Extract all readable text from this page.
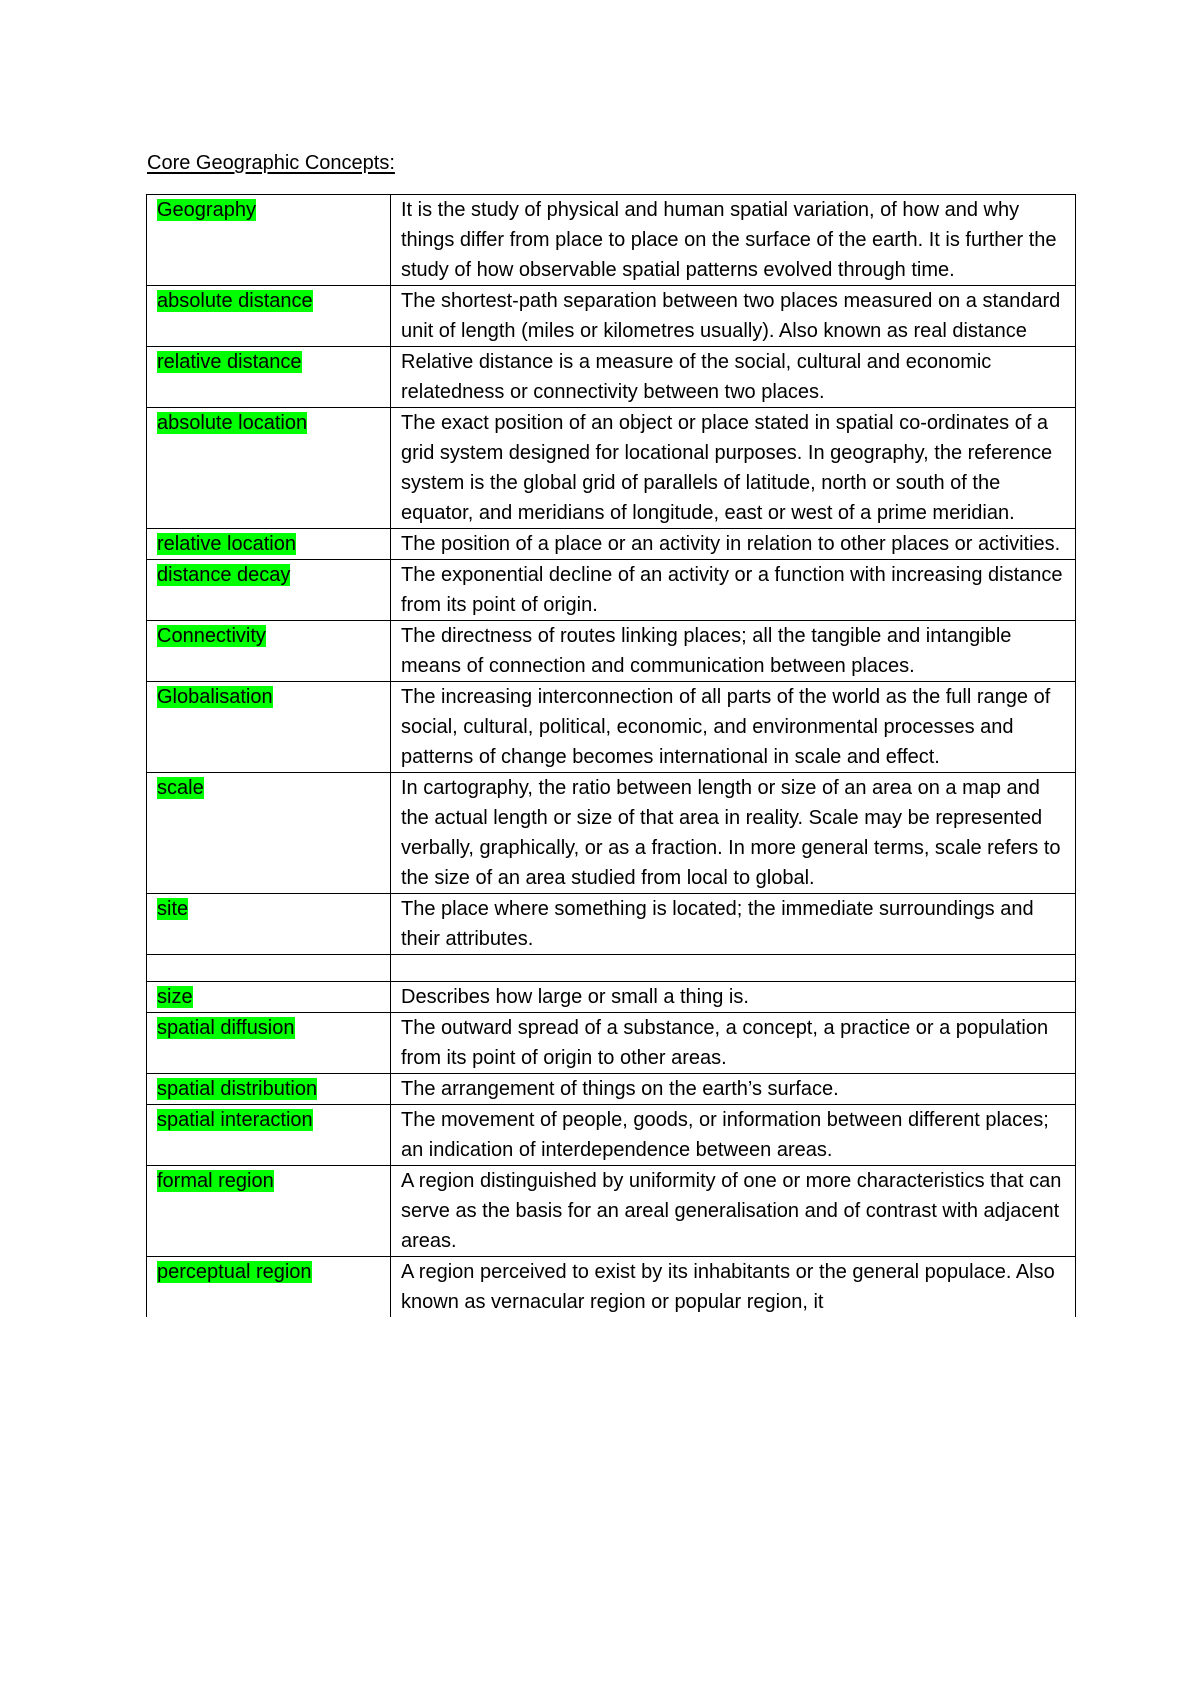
Core Geographic Concepts:
Geography	It is the study of physical and human spatial variation, of how and why things differ from place to place on the surface of the earth. It is further the study of how observable spatial patterns evolved through time.
absolute distance	The shortest-path separation between two places measured on a standard unit of length (miles or kilometres usually). Also known as real distance
relative distance	Relative distance is a measure of the social, cultural and economic relatedness or connectivity between two places.
absolute location	The exact position of an object or place stated in spatial co-ordinates of a grid system designed for locational purposes. In geography, the reference system is the global grid of parallels of latitude, north or south of the equator, and meridians of longitude, east or west of a prime meridian.
relative location	The position of a place or an activity in relation to other places or activities.
distance decay	The exponential decline of an activity or a function with increasing distance from its point of origin.
Connectivity	The directness of routes linking places; all the tangible and intangible means of connection and communication between places.
Globalisation	The increasing interconnection of all parts of the world as the full range of social, cultural, political, economic, and environmental processes and patterns of change becomes international in scale and effect.
scale	In cartography, the ratio between length or size of an area on a map and the actual length or size of that area in reality. Scale may be represented verbally, graphically, or as a fraction. In more general terms, scale refers to the size of an area studied from local to global.
site	The place where something is located; the immediate surroundings and their attributes.

size	Describes how large or small a thing is.
spatial diffusion	The outward spread of a substance, a concept, a practice or a population from its point of origin to other areas.
spatial distribution	The arrangement of things on the earth’s surface.
spatial interaction	The movement of people, goods, or information between different places; an indication of interdependence between areas.
formal region	A region distinguished by uniformity of one or more characteristics that can serve as the basis for an areal generalisation and of contrast with adjacent areas.
perceptual region	A region perceived to exist by its inhabitants or the general populace. Also known as vernacular region or popular region, it
